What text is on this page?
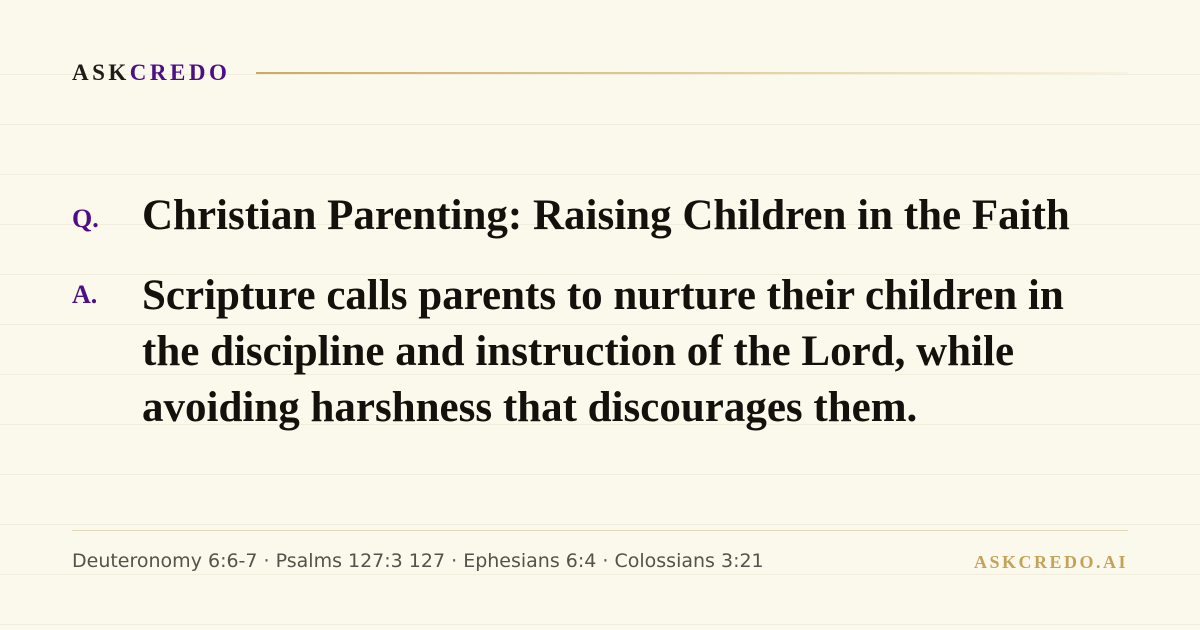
ASKCREDO
Q. Christian Parenting: Raising Children in the Faith
A. Scripture calls parents to nurture their children in the discipline and instruction of the Lord, while avoiding harshness that discourages them.
Deuteronomy 6:6-7 · Psalms 127:3 127 · Ephesians 6:4 · Colossians 3:21	ASKCREDO.AI
